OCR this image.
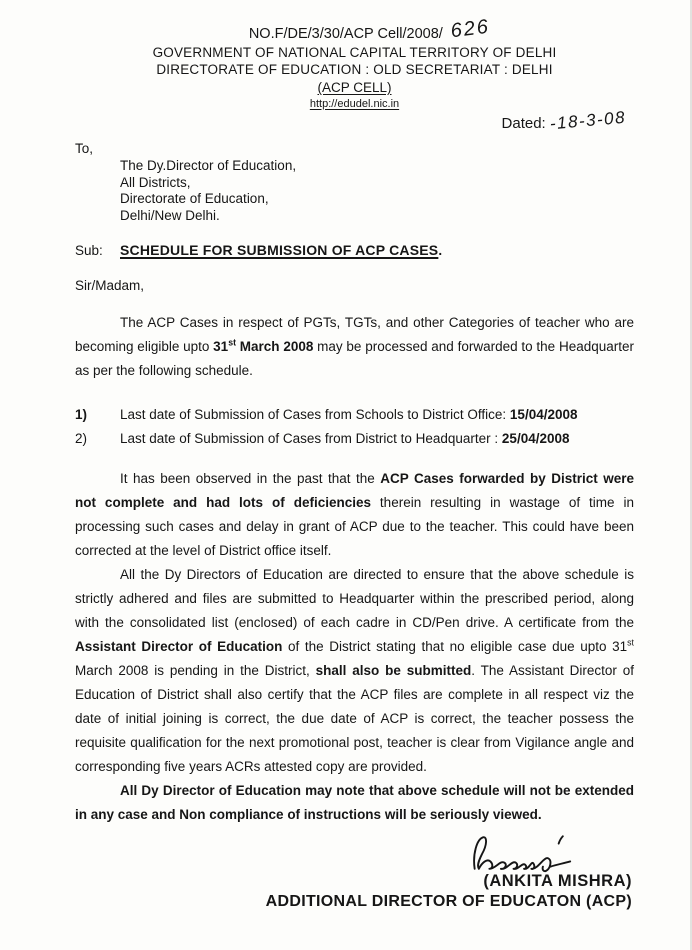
NO.F/DE/3/30/ACP Cell/2008/ 626
GOVERNMENT OF NATIONAL CAPITAL TERRITORY OF DELHI
DIRECTORATE OF EDUCATION : OLD SECRETARIAT : DELHI
(ACP CELL)
http://edudel.nic.in
Dated: -18-3-08
To,
The Dy.Director of Education,
All Districts,
Directorate of Education,
Delhi/New Delhi.
Sub: SCHEDULE FOR SUBMISSION OF ACP CASES.
Sir/Madam,

The ACP Cases in respect of PGTs, TGTs, and other Categories of teacher who are becoming eligible upto 31st March 2008 may be processed and forwarded to the Headquarter as per the following schedule.

1)	Last date of Submission of Cases from Schools to District Office: 15/04/2008
2)	Last date of Submission of Cases from District to Headquarter : 25/04/2008

It has been observed in the past that the ACP Cases forwarded by District were not complete and had lots of deficiencies therein resulting in wastage of time in processing such cases and delay in grant of ACP due to the teacher. This could have been corrected at the level of District office itself.

All the Dy Directors of Education are directed to ensure that the above schedule is strictly adhered and files are submitted to Headquarter within the prescribed period, along with the consolidated list (enclosed) of each cadre in CD/Pen drive. A certificate from the Assistant Director of Education of the District stating that no eligible case due upto 31st March 2008 is pending in the District, shall also be submitted. The Assistant Director of Education of District shall also certify that the ACP files are complete in all respect viz the date of initial joining is correct, the due date of ACP is correct, the teacher possess the requisite qualification for the next promotional post, teacher is clear from Vigilance angle and corresponding five years ACRs attested copy are provided.

All Dy Director of Education may note that above schedule will not be extended in any case and Non compliance of instructions will be seriously viewed.

(ANKITA MISHRA)
ADDITIONAL DIRECTOR OF EDUCATON (ACP)
